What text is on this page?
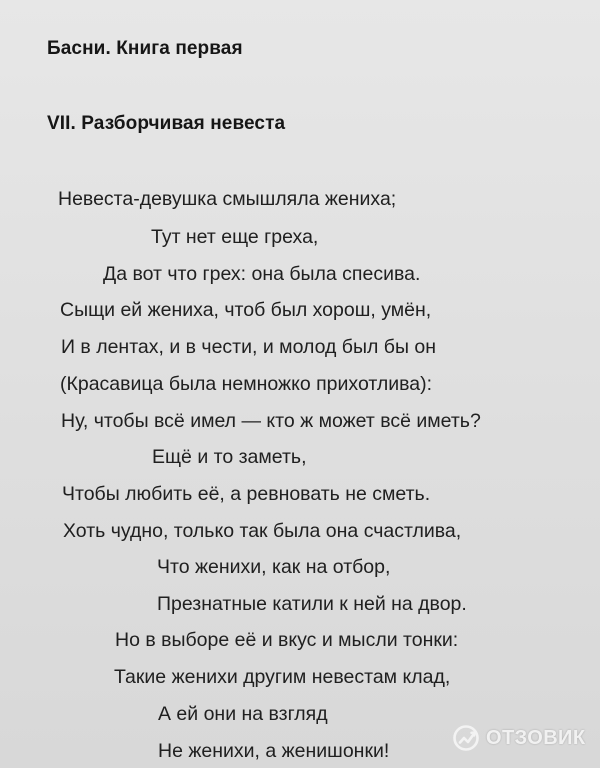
Басни. Книга первая
VII. Разборчивая невеста
Невеста-девушка смышляла жениха;
Тут нет еще греха,
Да вот что грех: она была спесива.
Сыщи ей жениха, чтоб был хорош, умён,
И в лентах, и в чести, и молод был бы он
(Красавица была немножко прихотлива):
Ну, чтобы всё имел — кто ж может всё иметь?
Ещё и то заметь,
Чтобы любить её, а ревновать не сметь.
Хоть чудно, только так была она счастлива,
Что женихи, как на отбор,
Презнатные катили к ней на двор.
Но в выборе её и вкус и мысли тонки:
Такие женихи другим невестам клад,
А ей они на взгляд
Не женихи, а женишонки!
ОТЗОВИК
